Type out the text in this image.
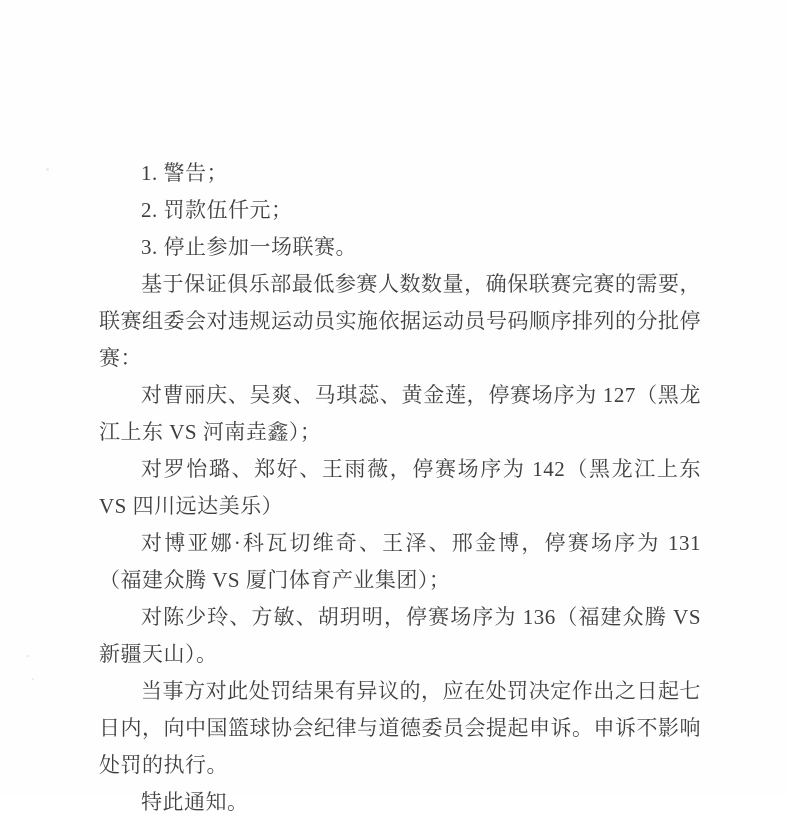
1. 警告；

2. 罚款伍仟元；

3. 停止参加一场联赛。

基于保证俱乐部最低参赛人数数量，确保联赛完赛的需要，联赛组委会对违规运动员实施依据运动员号码顺序排列的分批停赛：

对曹丽庆、吴爽、马琪蕊、黄金莲，停赛场序为 127（黑龙江上东 VS 河南垚鑫）；

对罗怡璐、郑好、王雨薇，停赛场序为 142（黑龙江上东 VS 四川远达美乐）

对博亚娜·科瓦切维奇、王泽、邢金博，停赛场序为 131（福建众腾 VS 厦门体育产业集团）；

对陈少玲、方敏、胡玥明，停赛场序为 136（福建众腾 VS 新疆天山）。

当事方对此处罚结果有异议的，应在处罚决定作出之日起七日内，向中国篮球协会纪律与道德委员会提起申诉。申诉不影响处罚的执行。

特此通知。
